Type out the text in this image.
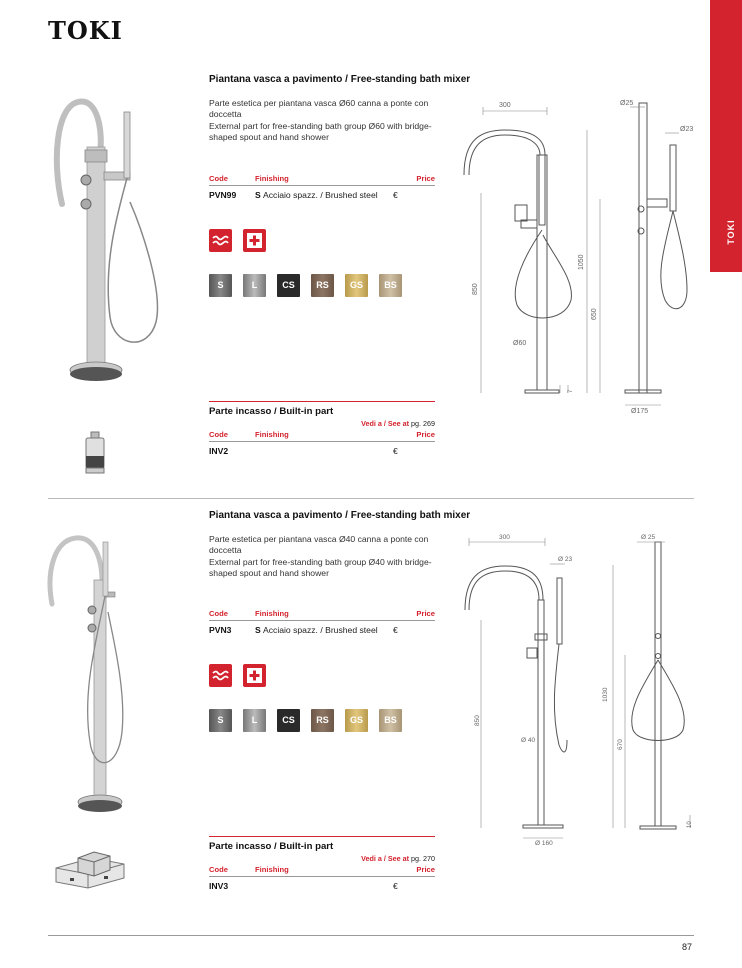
TOKI
TOKI
Piantana vasca a pavimento / Free-standing bath mixer

Parte estetica per piantana vasca Ø60 canna a ponte con doccetta

External part for free-standing bath group Ø60 with bridge-shaped spout and hand shower

Code	Finishing	Price
PVN99 S Acciaio spazz. / Brushed steel €
S	L	CS	RS	GS	BS
Parte incasso / Built-in part
Vedi a / See at pg. 269
Code	Finishing	Price
INV2	€
300	Ø25
Ø23
850
1050
650
Ø60
Ø175
7
Piantana vasca a pavimento / Free-standing bath mixer

Parte estetica per piantana vasca Ø40 canna a ponte con doccetta

External part for free-standing bath group Ø40 with bridge-shaped spout and hand shower

Code	Finishing	Price
PVN3	S Acciaio spazz. / Brushed steel €
S	L	CS	RS	GS	BS
Parte incasso / Built-in part
Vedi a / See at pg. 270
Code	Finishing	Price
INV3	€
300	Ø 25
Ø 23
850
1030
670
Ø 40
Ø 160
10
87
